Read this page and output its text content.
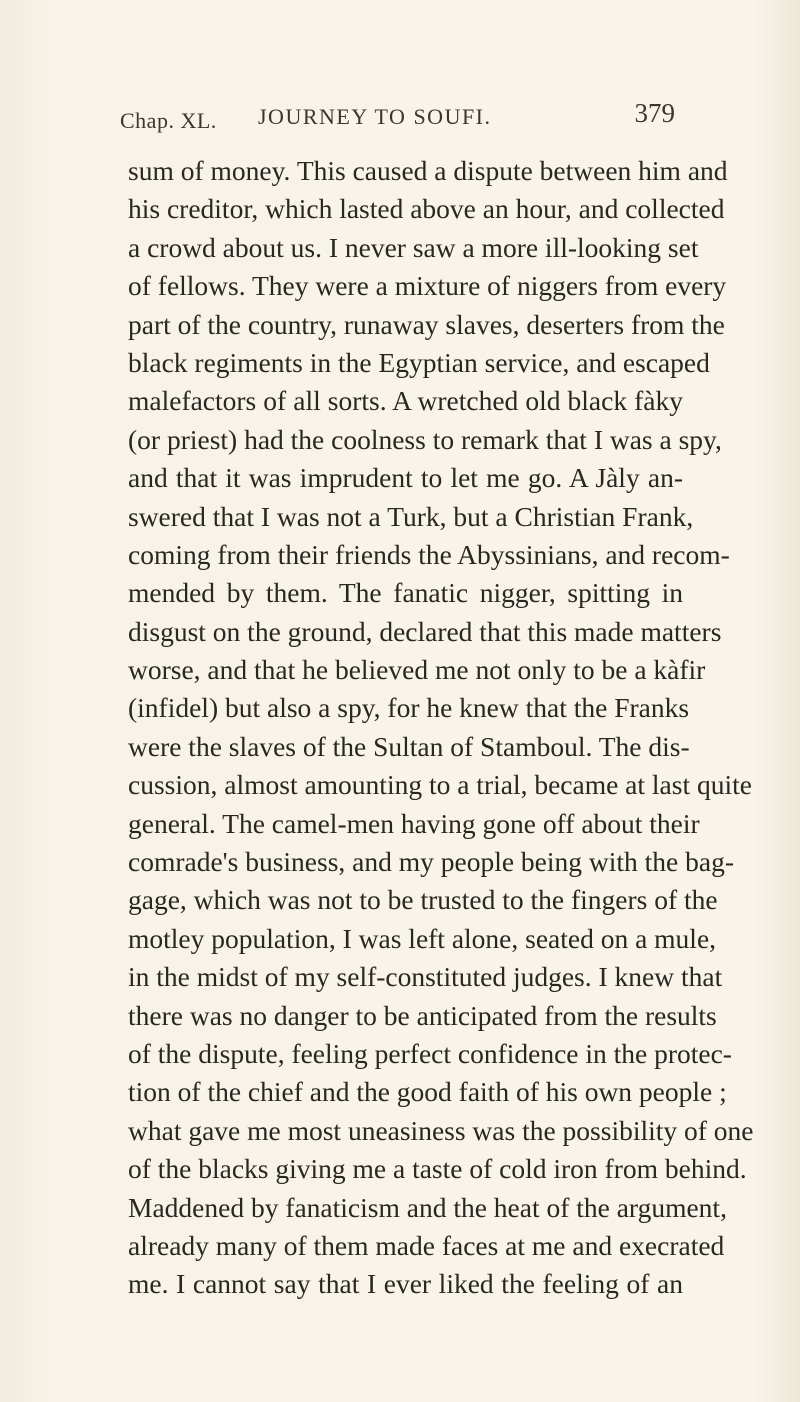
Chap. XL. JOURNEY TO SOUFI.	379
sum of money. This caused a dispute between him and
his creditor, which lasted above an hour, and collected
a crowd about us. I never saw a more ill-looking set
of fellows. They were a mixture of niggers from every
part of the country, runaway slaves, deserters from the
black regiments in the Egyptian service, and escaped
malefactors of all sorts. A wretched old black fàky
(or priest) had the coolness to remark that I was a spy,
and that it was imprudent to let me go. A Jàly an-
swered that I was not a Turk, but a Christian Frank,
coming from their friends the Abyssinians, and recom-
mended by them. The fanatic nigger, spitting in
disgust on the ground, declared that this made matters
worse, and that he believed me not only to be a kàfir
(infidel) but also a spy, for he knew that the Franks
were the slaves of the Sultan of Stamboul. The dis-
cussion, almost amounting to a trial, became at last quite
general. The camel-men having gone off about their
comrade's business, and my people being with the bag-
gage, which was not to be trusted to the fingers of the
motley population, I was left alone, seated on a mule,
in the midst of my self-constituted judges. I knew that
there was no danger to be anticipated from the results
of the dispute, feeling perfect confidence in the protec-
tion of the chief and the good faith of his own people ;
what gave me most uneasiness was the possibility of one
of the blacks giving me a taste of cold iron from behind.
Maddened by fanaticism and the heat of the argument,
already many of them made faces at me and execrated
me. I cannot say that I ever liked the feeling of an
